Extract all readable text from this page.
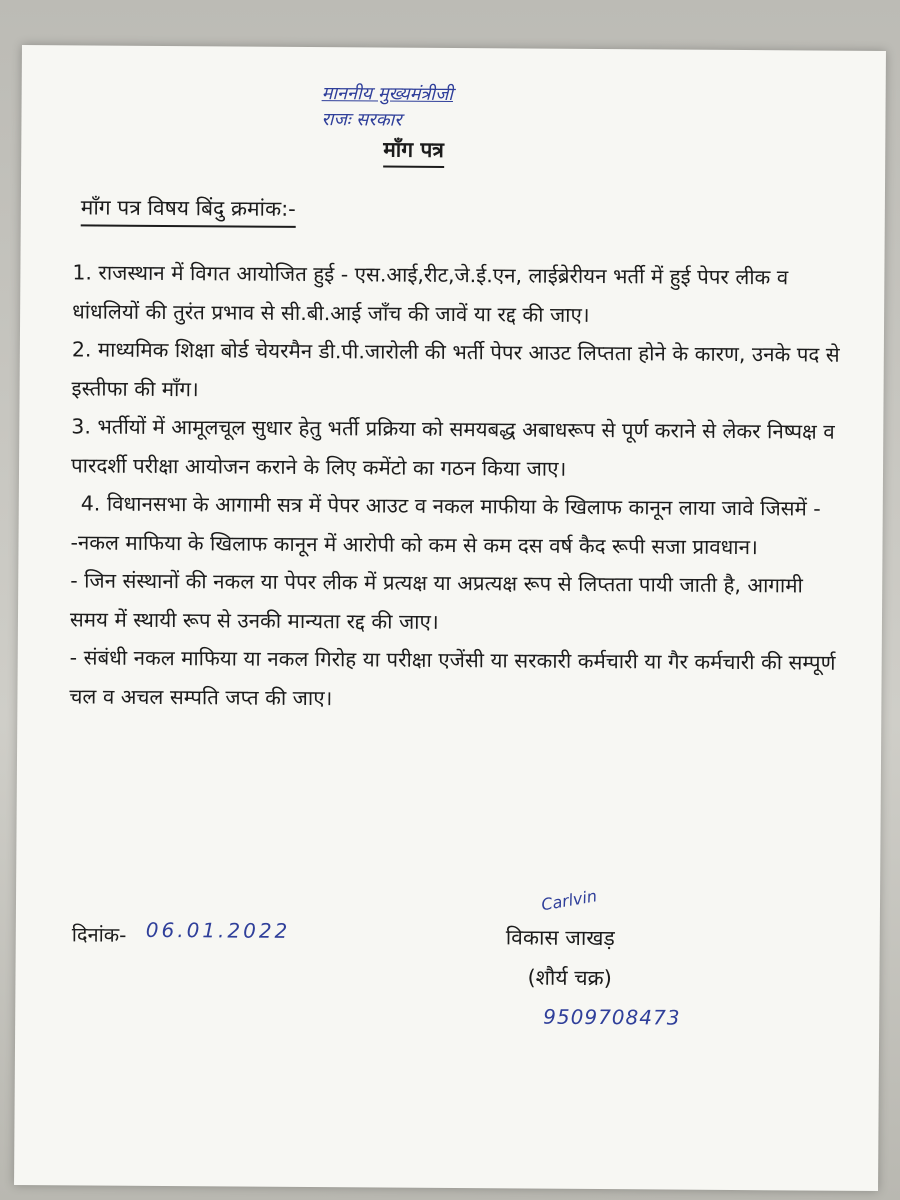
माननीय मुख्यमंत्रीजी
राजः सरकार
माँग पत्र
माँग पत्र विषय बिंदु क्रमांक:-

1. राजस्थान में विगत आयोजित हुई - एस.आई,रीट,जे.ई.एन, लाईब्रेरीयन भर्ती में हुई पेपर लीक व धांधलियों की तुरंत प्रभाव से सी.बी.आई जाँच की जावें या रद्द की जाए।

2. माध्यमिक शिक्षा बोर्ड चेयरमैन डी.पी.जारोली की भर्ती पेपर आउट लिप्तता होने के कारण, उनके पद से इस्तीफा की माँग।

3. भर्तीयों में आमूलचूल सुधार हेतु भर्ती प्रक्रिया को समयबद्ध अबाधरूप से पूर्ण कराने से लेकर निष्पक्ष व पारदर्शी परीक्षा आयोजन कराने के लिए कमेंटो का गठन किया जाए।

4. विधानसभा के आगामी सत्र में पेपर आउट व नकल माफीया के खिलाफ कानून लाया जावे जिसमें -

-नकल माफिया के खिलाफ कानून में आरोपी को कम से कम दस वर्ष कैद रूपी सजा प्रावधान।

- जिन संस्थानों की नकल या पेपर लीक में प्रत्यक्ष या अप्रत्यक्ष रूप से लिप्तता पायी जाती है, आगामी समय में स्थायी रूप से उनकी मान्यता रद्द की जाए।

- संबंधी नकल माफिया या नकल गिरोह या परीक्षा एजेंसी या सरकारी कर्मचारी या गैर कर्मचारी की सम्पूर्ण चल व अचल सम्पति जप्त की जाए।

दिनांक- 06.01.2022
Carlvin
विकास जाखड़
(शौर्य चक्र)
9509708473
